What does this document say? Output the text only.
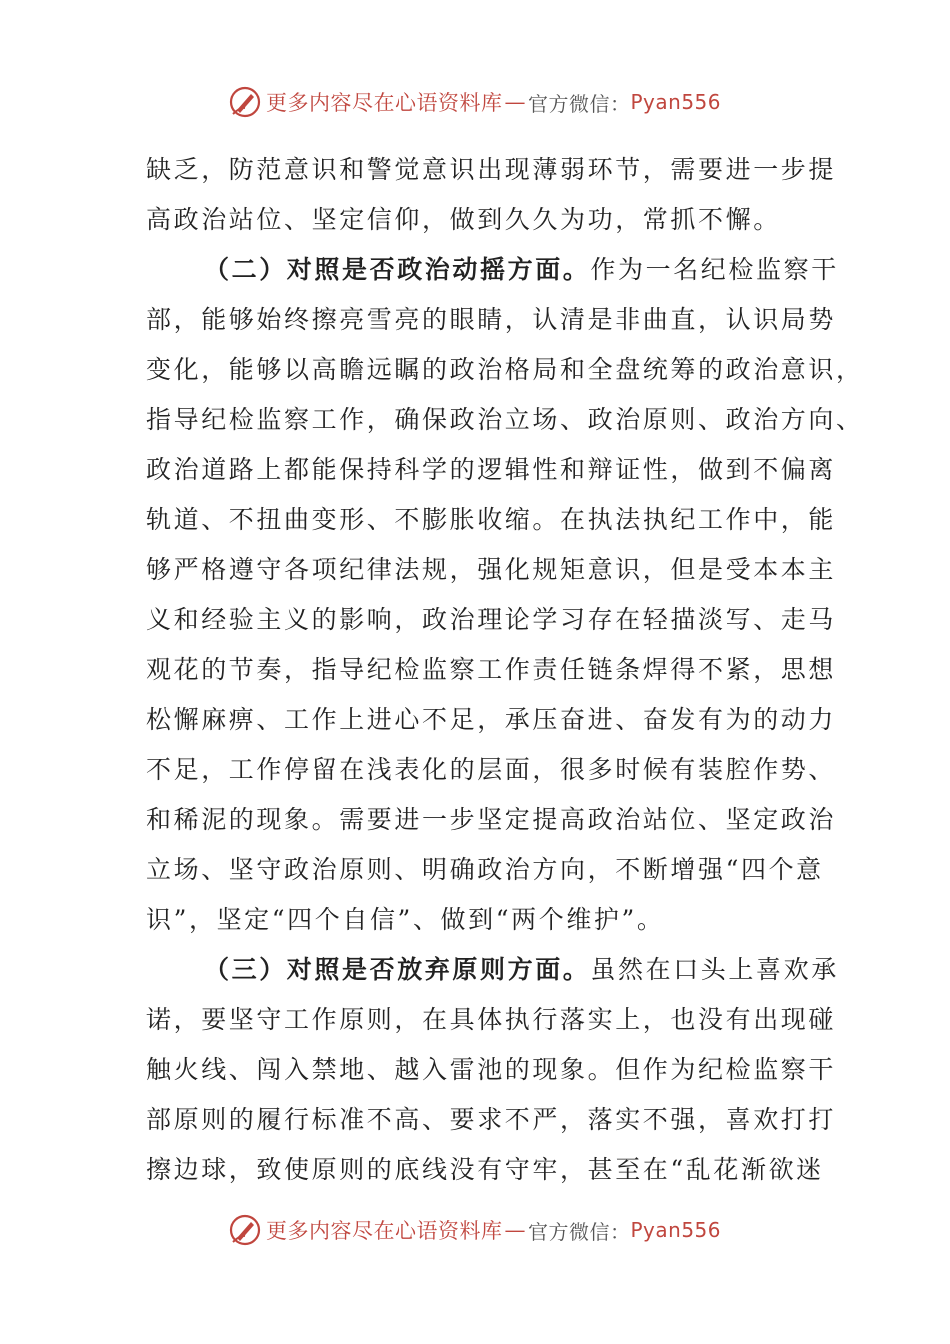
更多内容尽在心语资料库 — 官方微信： Pyan556
缺乏，防范意识和警觉意识出现薄弱环节，需要进一步提
高政治站位、坚定信仰，做到久久为功，常抓不懈。
（二）对照是否政治动摇方面。作为一名纪检监察干
部，能够始终擦亮雪亮的眼睛，认清是非曲直，认识局势
变化，能够以高瞻远瞩的政治格局和全盘统筹的政治意识，
指导纪检监察工作，确保政治立场、政治原则、政治方向、
政治道路上都能保持科学的逻辑性和辩证性，做到不偏离
轨道、不扭曲变形、不膨胀收缩。在执法执纪工作中，能
够严格遵守各项纪律法规，强化规矩意识，但是受本本主
义和经验主义的影响，政治理论学习存在轻描淡写、走马
观花的节奏，指导纪检监察工作责任链条焊得不紧，思想
松懈麻痹、工作上进心不足，承压奋进、奋发有为的动力
不足，工作停留在浅表化的层面，很多时候有装腔作势、
和稀泥的现象。需要进一步坚定提高政治站位、坚定政治
立场、坚守政治原则、明确政治方向，不断增强“四个意
识”，坚定“四个自信”、做到“两个维护”。
（三）对照是否放弃原则方面。虽然在口头上喜欢承
诺，要坚守工作原则，在具体执行落实上，也没有出现碰
触火线、闯入禁地、越入雷池的现象。但作为纪检监察干
部原则的履行标准不高、要求不严，落实不强，喜欢打打
擦边球，致使原则的底线没有守牢，甚至在“乱花渐欲迷
更多内容尽在心语资料库 — 官方微信： Pyan556
